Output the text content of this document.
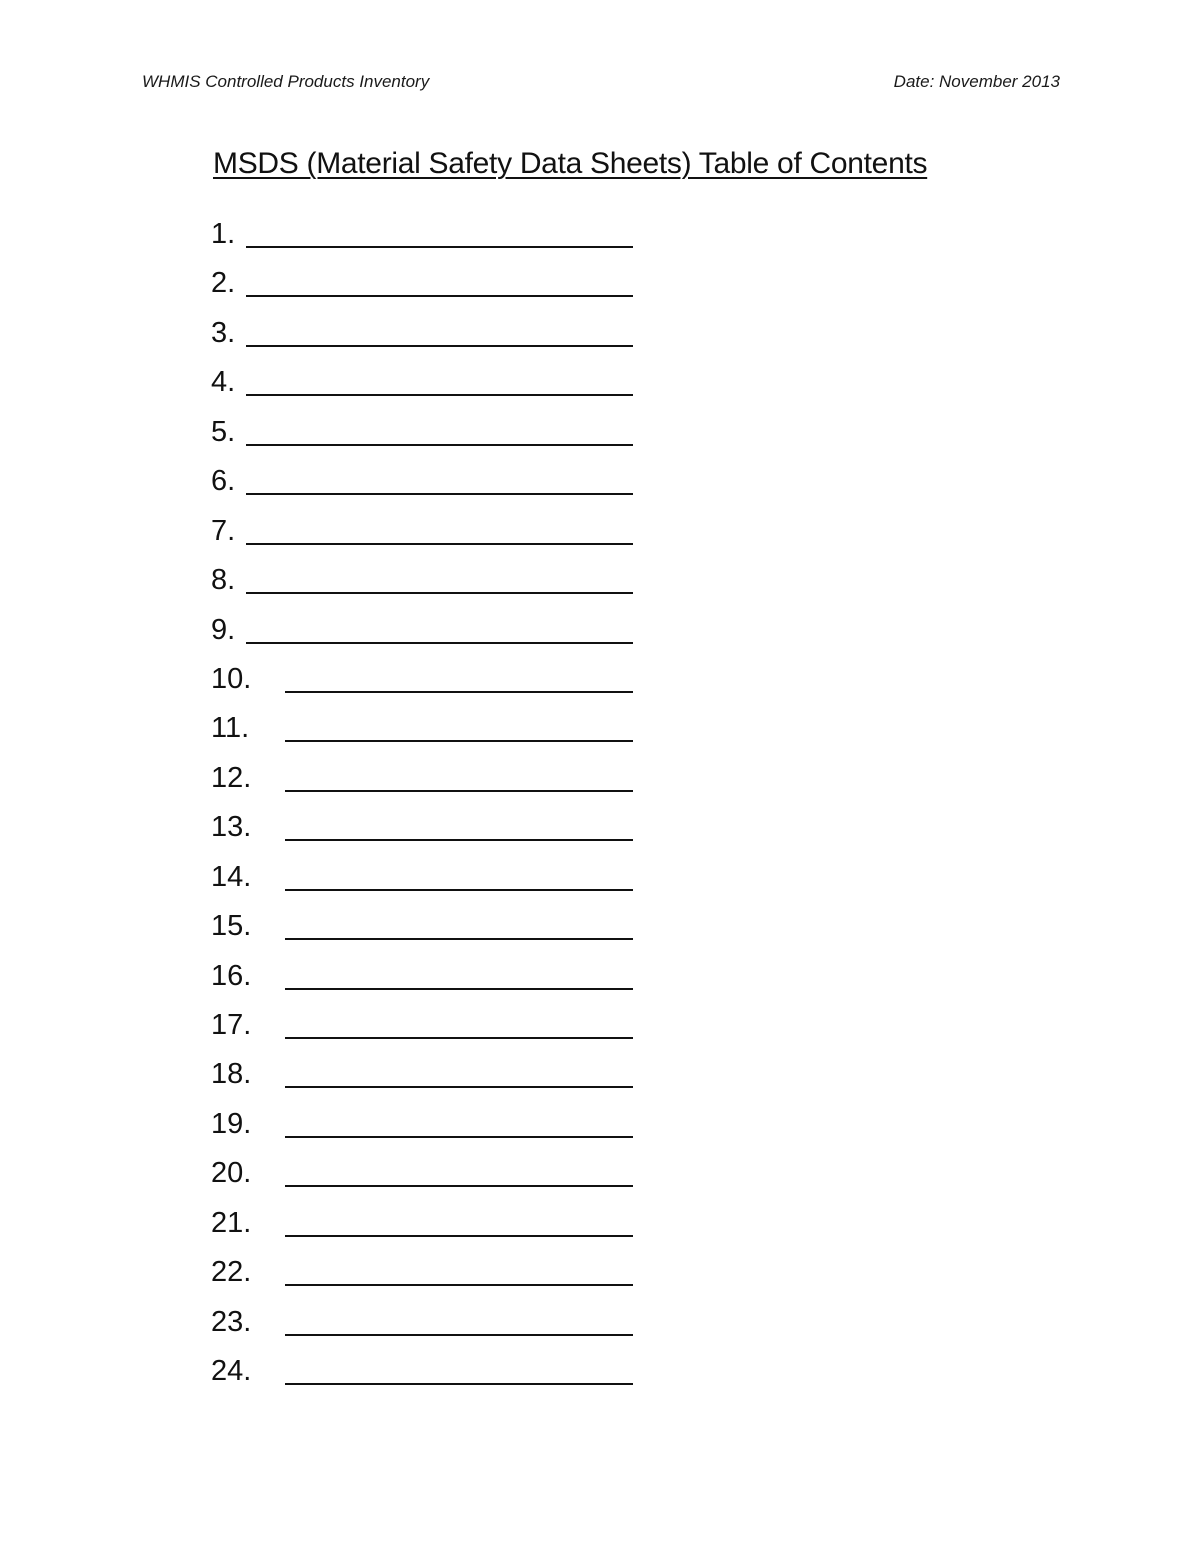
WHMIS Controlled Products Inventory	Date: November 2013
MSDS (Material Safety Data Sheets) Table of Contents
1.
2.
3.
4.
5.
6.
7.
8.
9.
10.
11.
12.
13.
14.
15.
16.
17.
18.
19.
20.
21.
22.
23.
24.
